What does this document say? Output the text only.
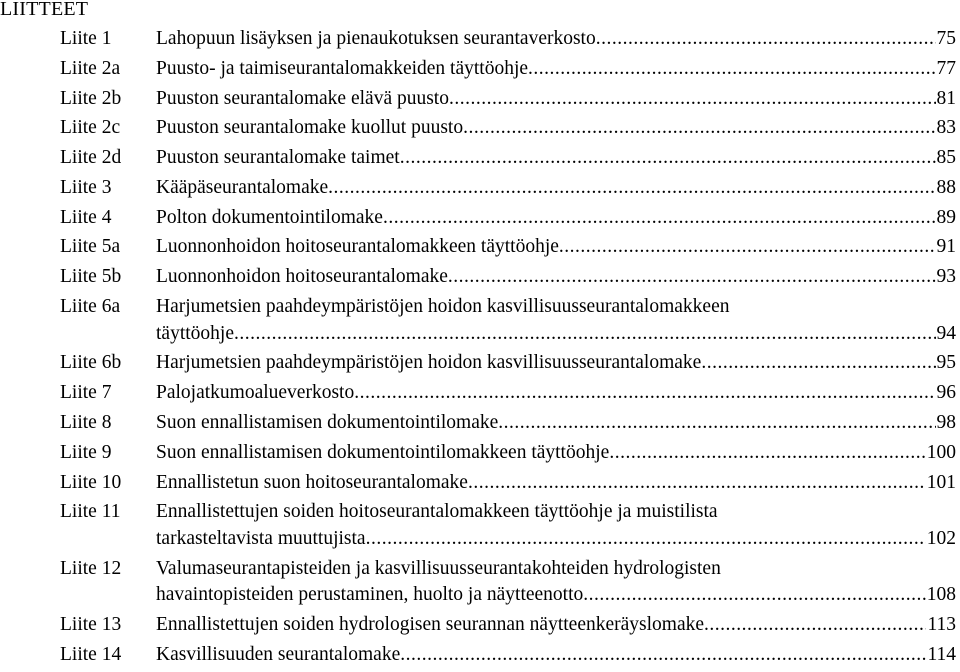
LIITTEET
Liite 1 Lahopuun lisäyksen ja pienaukotuksen seurantaverkosto .....	75
Liite 2a Puusto- ja taimiseurantalomakkeiden täyttöohje .....	77
Liite 2b Puuston seurantalomake elävä puusto .....	81
Liite 2c Puuston seurantalomake kuollut puusto .....	83
Liite 2d Puuston seurantalomake taimet .....	85
Liite 3 Kääpäseurantalomake .....	88
Liite 4 Polton dokumentointilomake .....	89
Liite 5a Luonnonhoidon hoitoseurantalomakkeen täyttöohje .....	91
Liite 5b Luonnonhoidon hoitoseurantalomake .....	93
Liite 6a Harjumetsien paahdeympäristöjen hoidon kasvillisuusseurantalomakkeen
täyttöohje .....	94
Liite 6b Harjumetsien paahdeympäristöjen hoidon kasvillisuusseurantalomake .....	95
Liite 7 Palojatkumoalueverkosto .....	96
Liite 8 Suon ennallistamisen dokumentointilomake .....	98
Liite 9 Suon ennallistamisen dokumentointilomakkeen täyttöohje .....	100
Liite 10 Ennallistetun suon hoitoseurantalomake .....	101
Liite 11 Ennallistettujen soiden hoitoseurantalomakkeen täyttöohje ja muistilista
tarkasteltavista muuttujista .....	102
Liite 12 Valumaseurantapisteiden ja kasvillisuusseurantakohteiden hydrologisten
havaintopisteiden perustaminen, huolto ja näytteenotto .....	108
Liite 13 Ennallistettujen soiden hydrologisen seurannan näytteenkeräyslomake .....	113
Liite 14 Kasvillisuuden seurantalomake .....	114
